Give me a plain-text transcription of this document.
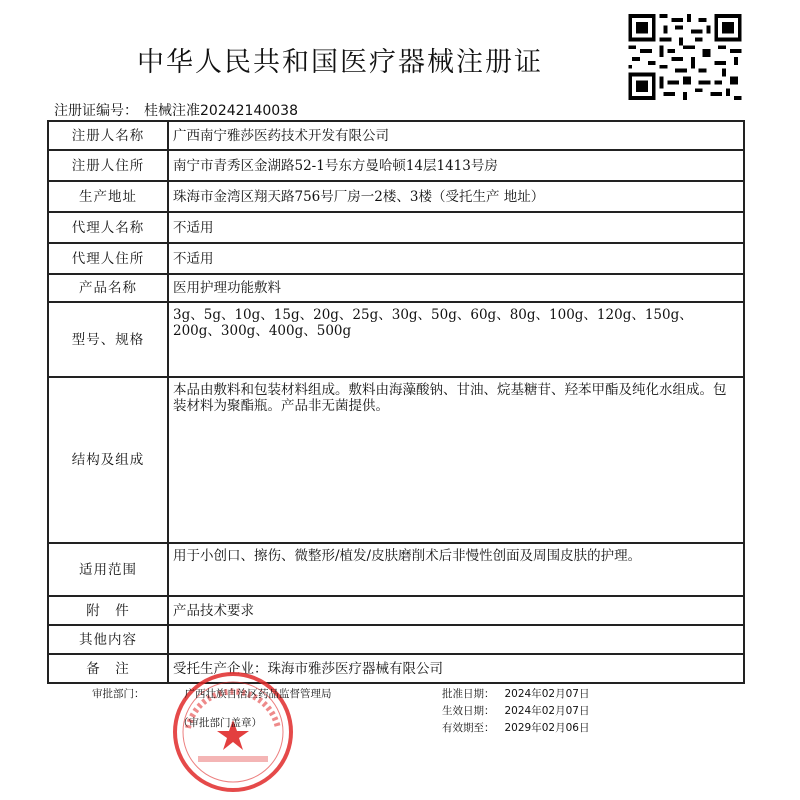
中华人民共和国医疗器械注册证
注册证编号： 桂械注准20242140038
注册人名称	广西南宁雅莎医药技术开发有限公司
注册人住所	南宁市青秀区金湖路52-1号东方曼哈顿14层1413号房
生产地址	珠海市金湾区翔天路756号厂房一2楼、3楼（受托生产 地址）
代理人名称	不适用
代理人住所	不适用
产品名称	医用护理功能敷料
型号、规格	3g、5g、10g、15g、20g、25g、30g、50g、60g、80g、100g、120g、150g、200g、300g、400g、500g
结构及组成	本品由敷料和包装材料组成。敷料由海藻酸钠、甘油、烷基糖苷、羟苯甲酯及纯化水组成。包装材料为聚酯瓶。产品非无菌提供。
适用范围	用于小创口、擦伤、微整形/植发/皮肤磨削术后非慢性创面及周围皮肤的护理。
附　件	产品技术要求
其他内容	
备　注	受托生产企业：珠海市雅莎医疗器械有限公司
审批部门：	广西壮族自治区药品监督管理局
（审批部门盖章）
批准日期： 2024年02月07日
生效日期： 2024年02月07日
有效期至： 2029年02月06日
